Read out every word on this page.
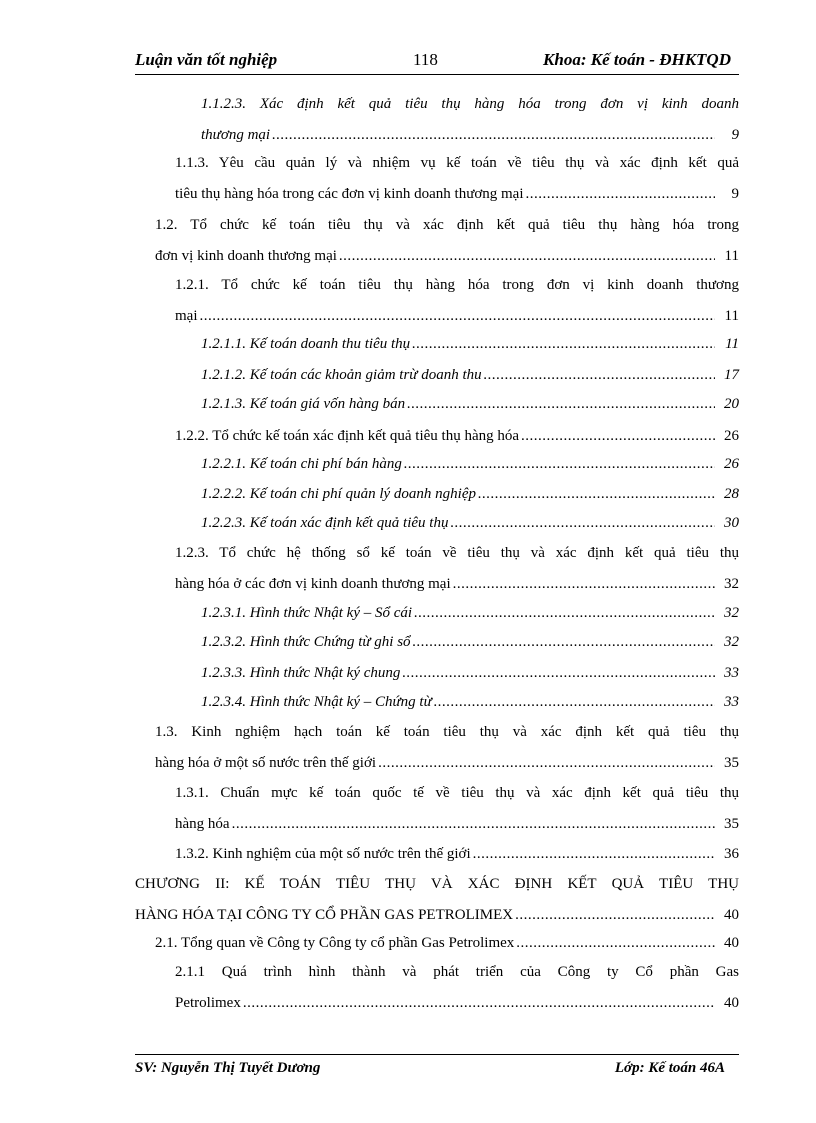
Luận văn tốt nghiệp	118	Khoa: Kế toán - ĐHKTQD
1.1.2.3. Xác định kết quả tiêu thụ hàng hóa trong đơn vị kinh doanh
thương mại .....	9
1.1.3. Yêu cầu quản lý và nhiệm vụ kế toán về tiêu thụ và xác định kết quả
tiêu thụ hàng hóa trong các đơn vị kinh doanh thương mại .....	9
1.2. Tổ chức kế toán tiêu thụ và xác định kết quả tiêu thụ hàng hóa trong
đơn vị kinh doanh thương mại .....	11
1.2.1. Tổ chức kế toán tiêu thụ hàng hóa trong đơn vị kinh doanh thương
mại .....	11
1.2.1.1. Kế toán doanh thu tiêu thụ .....	11
1.2.1.2. Kế toán các khoản giảm trừ doanh thu .....	17
1.2.1.3. Kế toán giá vốn hàng bán .....	20
1.2.2. Tổ chức kế toán xác định kết quả tiêu thụ hàng hóa .....	26
1.2.2.1. Kế toán chi phí bán hàng .....	26
1.2.2.2. Kế toán chi phí quản lý doanh nghiệp .....	28
1.2.2.3. Kế toán xác định kết quả tiêu thụ .....	30
1.2.3. Tổ chức hệ thống sổ kế toán về tiêu thụ và xác định kết quả tiêu thụ
hàng hóa ở các đơn vị kinh doanh thương mại .....	32
1.2.3.1. Hình thức Nhật ký – Sổ cái .....	32
1.2.3.2. Hình thức Chứng từ ghi sổ .....	32
1.2.3.3. Hình thức Nhật ký chung .....	33
1.2.3.4. Hình thức Nhật ký – Chứng từ .....	33
1.3. Kinh nghiệm hạch toán kế toán tiêu thụ và xác định kết quả tiêu thụ
hàng hóa ở một số nước trên thế giới .....	35
1.3.1. Chuẩn mực kế toán quốc tế về tiêu thụ và xác định kết quả tiêu thụ
hàng hóa .....	35
1.3.2. Kinh nghiệm của một số nước trên thế giới .....	36
CHƯƠNG II: KẾ TOÁN TIÊU THỤ VÀ XÁC ĐỊNH KẾT QUẢ TIÊU THỤ
HÀNG HÓA TẠI CÔNG TY CỔ PHẦN GAS PETROLIMEX .....	40
2.1. Tổng quan về Công ty Công ty cổ phần Gas Petrolimex .....	40
2.1.1 Quá trình hình thành và phát triển của Công ty Cổ phần Gas
Petrolimex .....	40
SV: Nguyễn Thị Tuyết Dương	Lớp: Kế toán 46A
